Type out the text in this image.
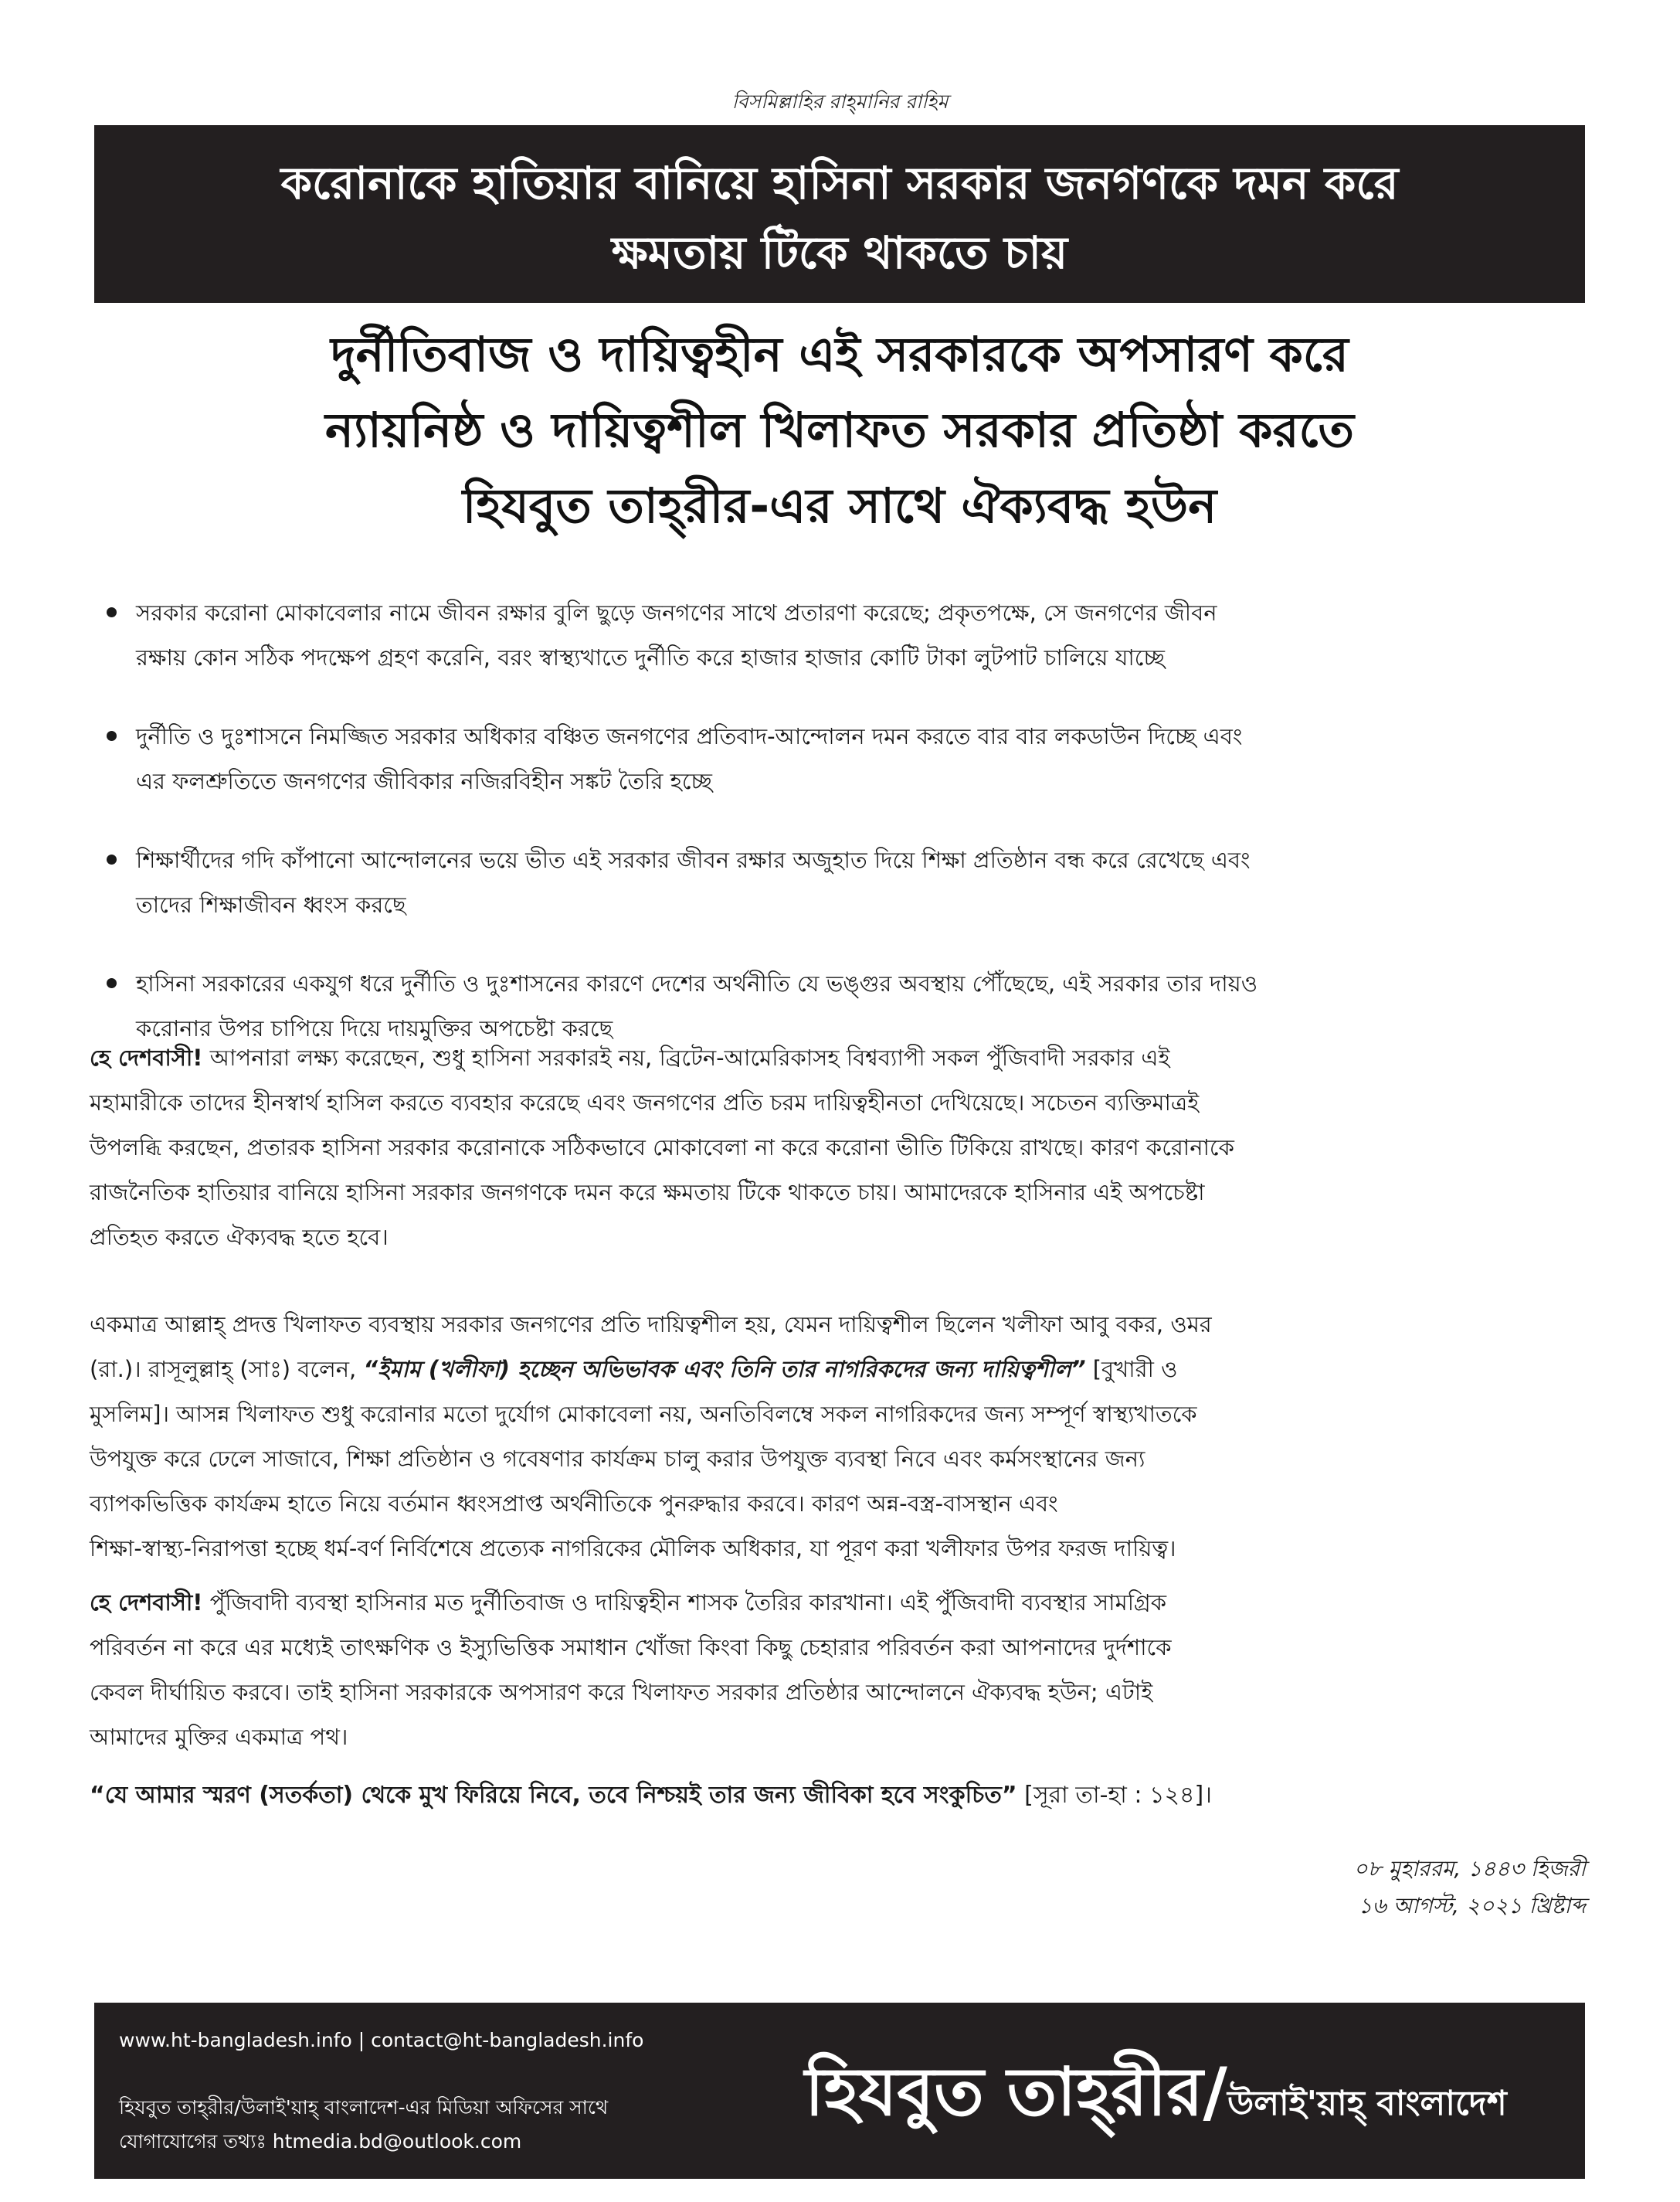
বিসমিল্লাহির রাহ্‌মানির রাহিম
করোনাকে হাতিয়ার বানিয়ে হাসিনা সরকার জনগণকে দমন করে
ক্ষমতায় টিকে থাকতে চায়
দুর্নীতিবাজ ও দায়িত্বহীন এই সরকারকে অপসারণ করে
ন্যায়নিষ্ঠ ও দায়িত্বশীল খিলাফত সরকার প্রতিষ্ঠা করতে
হিযবুত তাহ্‌রীর-এর সাথে ঐক্যবদ্ধ হউন
সরকার করোনা মোকাবেলার নামে জীবন রক্ষার বুলি ছুড়ে জনগণের সাথে প্রতারণা করেছে; প্রকৃতপক্ষে, সে জনগণের জীবন
রক্ষায় কোন সঠিক পদক্ষেপ গ্রহণ করেনি, বরং স্বাস্থ্যখাতে দুর্নীতি করে হাজার হাজার কোটি টাকা লুটপাট চালিয়ে যাচ্ছে
দুর্নীতি ও দুঃশাসনে নিমজ্জিত সরকার অধিকার বঞ্চিত জনগণের প্রতিবাদ-আন্দোলন দমন করতে বার বার লকডাউন দিচ্ছে এবং
এর ফলশ্রুতিতে জনগণের জীবিকার নজিরবিহীন সঙ্কট তৈরি হচ্ছে
শিক্ষার্থীদের গদি কাঁপানো আন্দোলনের ভয়ে ভীত এই সরকার জীবন রক্ষার অজুহাত দিয়ে শিক্ষা প্রতিষ্ঠান বন্ধ করে রেখেছে এবং
তাদের শিক্ষাজীবন ধ্বংস করছে
হাসিনা সরকারের একযুগ ধরে দুর্নীতি ও দুঃশাসনের কারণে দেশের অর্থনীতি যে ভঙ্গুর অবস্থায় পৌঁছেছে, এই সরকার তার দায়ও
করোনার উপর চাপিয়ে দিয়ে দায়মুক্তির অপচেষ্টা করছে
হে দেশবাসী! আপনারা লক্ষ্য করেছেন, শুধু হাসিনা সরকারই নয়, ব্রিটেন-আমেরিকাসহ বিশ্বব্যাপী সকল পুঁজিবাদী সরকার এই
মহামারীকে তাদের হীনস্বার্থ হাসিল করতে ব্যবহার করেছে এবং জনগণের প্রতি চরম দায়িত্বহীনতা দেখিয়েছে। সচেতন ব্যক্তিমাত্রই
উপলব্ধি করছেন, প্রতারক হাসিনা সরকার করোনাকে সঠিকভাবে মোকাবেলা না করে করোনা ভীতি টিকিয়ে রাখছে। কারণ করোনাকে
রাজনৈতিক হাতিয়ার বানিয়ে হাসিনা সরকার জনগণকে দমন করে ক্ষমতায় টিকে থাকতে চায়। আমাদেরকে হাসিনার এই অপচেষ্টা
প্রতিহত করতে ঐক্যবদ্ধ হতে হবে।
একমাত্র আল্লাহ্‌ প্রদত্ত খিলাফত ব্যবস্থায় সরকার জনগণের প্রতি দায়িত্বশীল হয়, যেমন দায়িত্বশীল ছিলেন খলীফা আবু বকর, ওমর
(রা.)। রাসূলুল্লাহ্‌ (সাঃ) বলেন, “ইমাম (খলীফা) হচ্ছেন অভিভাবক এবং তিনি তার নাগরিকদের জন্য দায়িত্বশীল” [বুখারী ও
মুসলিম]। আসন্ন খিলাফত শুধু করোনার মতো দুর্যোগ মোকাবেলা নয়, অনতিবিলম্বে সকল নাগরিকদের জন্য সম্পূর্ণ স্বাস্থ্যখাতকে
উপযুক্ত করে ঢেলে সাজাবে, শিক্ষা প্রতিষ্ঠান ও গবেষণার কার্যক্রম চালু করার উপযুক্ত ব্যবস্থা নিবে এবং কর্মসংস্থানের জন্য
ব্যাপকভিত্তিক কার্যক্রম হাতে নিয়ে বর্তমান ধ্বংসপ্রাপ্ত অর্থনীতিকে পুনরুদ্ধার করবে। কারণ অন্ন-বস্ত্র-বাসস্থান এবং
শিক্ষা-স্বাস্থ্য-নিরাপত্তা হচ্ছে ধর্ম-বর্ণ নির্বিশেষে প্রত্যেক নাগরিকের মৌলিক অধিকার, যা পূরণ করা খলীফার উপর ফরজ দায়িত্ব।
হে দেশবাসী! পুঁজিবাদী ব্যবস্থা হাসিনার মত দুর্নীতিবাজ ও দায়িত্বহীন শাসক তৈরির কারখানা। এই পুঁজিবাদী ব্যবস্থার সামগ্রিক
পরিবর্তন না করে এর মধ্যেই তাৎক্ষণিক ও ইস্যুভিত্তিক সমাধান খোঁজা কিংবা কিছু চেহারার পরিবর্তন করা আপনাদের দুর্দশাকে
কেবল দীর্ঘায়িত করবে। তাই হাসিনা সরকারকে অপসারণ করে খিলাফত সরকার প্রতিষ্ঠার আন্দোলনে ঐক্যবদ্ধ হউন; এটাই
আমাদের মুক্তির একমাত্র পথ।
“যে আমার স্মরণ (সতর্কতা) থেকে মুখ ফিরিয়ে নিবে, তবে নিশ্চয়ই তার জন্য জীবিকা হবে সংকুচিত” [সূরা তা-হা : ১২৪]।
০৮ মুহাররম, ১৪৪৩ হিজরী
১৬ আগস্ট, ২০২১ খ্রিষ্টাব্দ
www.ht-bangladesh.info | contact@ht-bangladesh.info
হিযবুত তাহ্‌রীর/উলাই'য়াহ্‌ বাংলাদেশ-এর মিডিয়া অফিসের সাথে
যোগাযোগের তথ্যঃ htmedia.bd@outlook.com
হিযবুত তাহ্‌রীর/উলাই'য়াহ্‌ বাংলাদেশ
